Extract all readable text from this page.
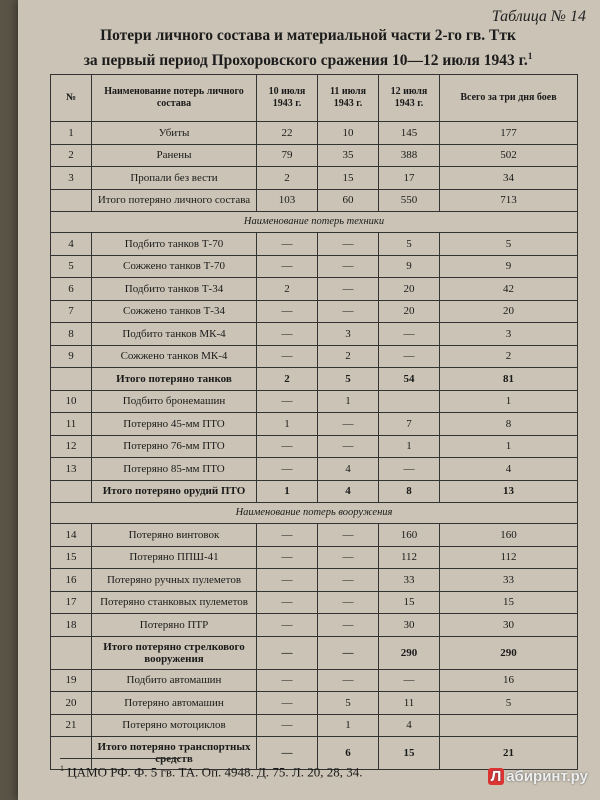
Таблица № 14
Потери личного состава и материальной части 2-го гв. Ттк
за первый период Прохоровского сражения 10—12 июля 1943 г.$^1$
№	Наименование потерь личного состава	10 июля 1943 г.	11 июля 1943 г.	12 июля 1943 г.	Всего за три дня боев
1	Убиты	22	10	145	177
2	Ранены	79	35	388	502
3	Пропали без вести	2	15	17	34
	Итого потеряно личного состава	103	60	550	713
Наименование потерь техники					
4	Подбито танков Т-70	—	—	5	5
5	Сожжено танков Т-70	—	—	9	9
6	Подбито танков Т-34	2	—	20	42
7	Сожжено танков Т-34	—	—	20	20
8	Подбито танков МК-4	—	3	—	3
9	Сожжено танков МК-4	—	2	—	2
	Итого потеряно танков	2	5	54	81
10	Подбито бронемашин	—	1		1
11	Потеряно 45-мм ПТО	1	—	7	8
12	Потеряно 76-мм ПТО	—	—	1	1
13	Потеряно 85-мм ПТО	—	4	—	4
	Итого потеряно орудий ПТО	1	4	8	13
Наименование потерь вооружения					
14	Потеряно винтовок	—	—	160	160
15	Потеряно ППШ-41	—	—	112	112
16	Потеряно ручных пулеметов	—	—	33	33
17	Потеряно станковых пулеметов	—	—	15	15
18	Потеряно ПТР	—	—	30	30
	Итого потеряно стрелкового вооружения	—	—	290	290
19	Подбито автомашин	—	—	—	16
20	Потеряно автомашин	—	5	11	5
21	Потеряно мотоциклов	—	1	4	
	Итого потеряно транспортных средств	—	6	15	21
$^1$ ЦАМО РФ. Ф. 5 гв. ТА. Оп. 4948. Д. 75. Л. 20, 28, 34.	Л абиринт.ру
